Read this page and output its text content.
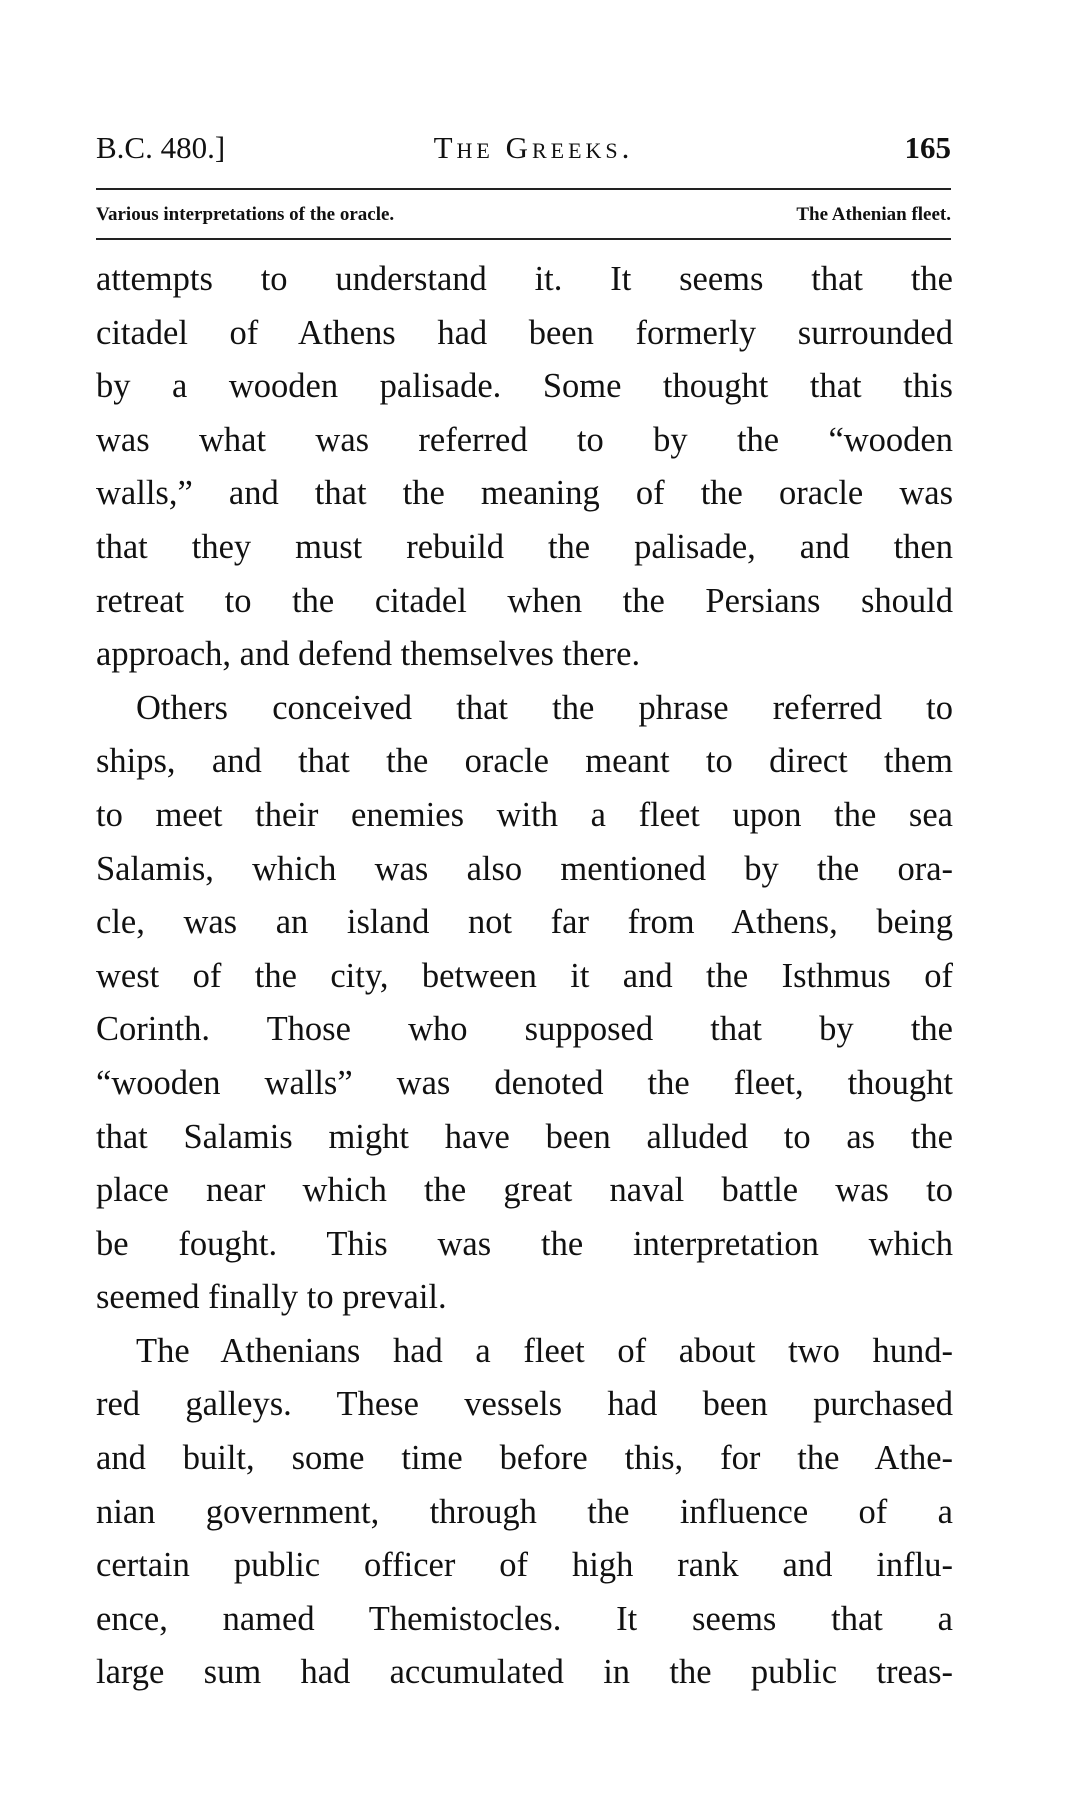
B.C. 480.]	The Greeks.	165
Various interpretations of the oracle.	The Athenian fleet.
attempts to understand it. It seems that the
citadel of Athens had been formerly surrounded
by a wooden palisade. Some thought that this
was what was referred to by the “wooden
walls,” and that the meaning of the oracle was
that they must rebuild the palisade, and then
retreat to the citadel when the Persians should
approach, and defend themselves there.
Others conceived that the phrase referred to
ships, and that the oracle meant to direct them
to meet their enemies with a fleet upon the sea
Salamis, which was also mentioned by the ora-
cle, was an island not far from Athens, being
west of the city, between it and the Isthmus of
Corinth. Those who supposed that by the
“wooden walls” was denoted the fleet, thought
that Salamis might have been alluded to as the
place near which the great naval battle was to
be fought. This was the interpretation which
seemed finally to prevail.
The Athenians had a fleet of about two hund-
red galleys. These vessels had been purchased
and built, some time before this, for the Athe-
nian government, through the influence of a
certain public officer of high rank and influ-
ence, named Themistocles. It seems that a
large sum had accumulated in the public treas-
